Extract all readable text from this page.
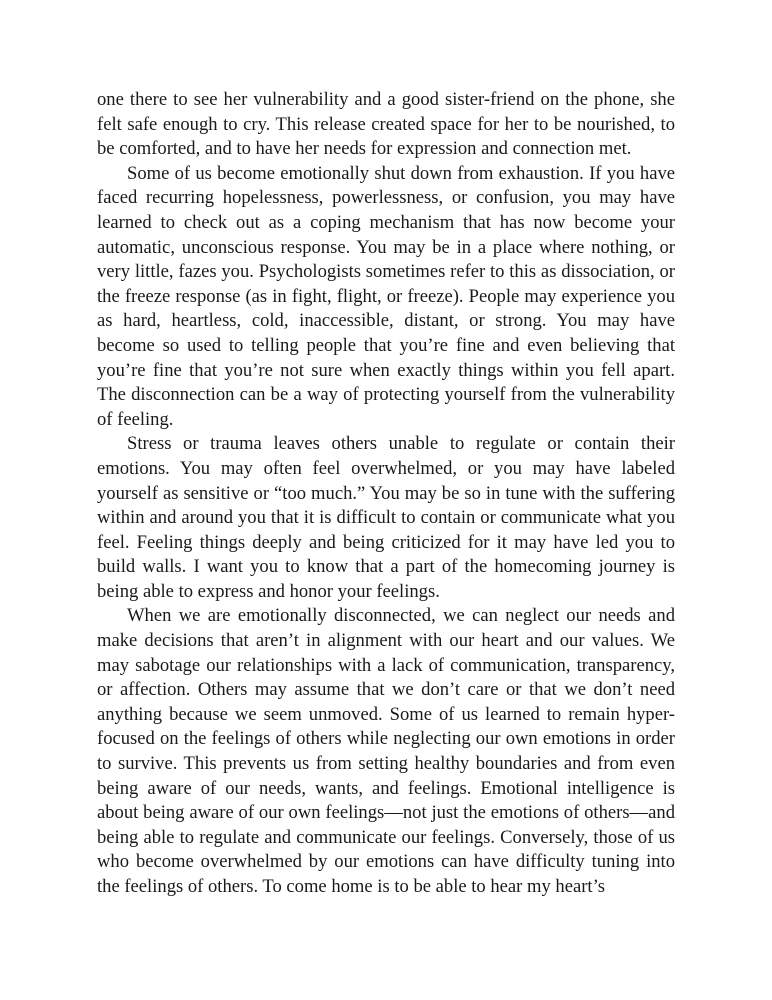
one there to see her vulnerability and a good sister-friend on the phone, she felt safe enough to cry. This release created space for her to be nourished, to be comforted, and to have her needs for expression and connection met.

Some of us become emotionally shut down from exhaustion. If you have faced recurring hopelessness, powerlessness, or confusion, you may have learned to check out as a coping mechanism that has now become your automatic, unconscious response. You may be in a place where nothing, or very little, fazes you. Psychologists sometimes refer to this as dissociation, or the freeze response (as in fight, flight, or freeze). People may experience you as hard, heartless, cold, inaccessible, distant, or strong. You may have become so used to telling people that you’re fine and even believing that you’re fine that you’re not sure when exactly things within you fell apart. The disconnection can be a way of protecting yourself from the vulnerability of feeling.

Stress or trauma leaves others unable to regulate or contain their emotions. You may often feel overwhelmed, or you may have labeled yourself as sensitive or “too much.” You may be so in tune with the suffering within and around you that it is difficult to contain or communicate what you feel. Feeling things deeply and being criticized for it may have led you to build walls. I want you to know that a part of the homecoming journey is being able to express and honor your feelings.

When we are emotionally disconnected, we can neglect our needs and make decisions that aren’t in alignment with our heart and our values. We may sabotage our relationships with a lack of communication, transparency, or affection. Others may assume that we don’t care or that we don’t need anything because we seem unmoved. Some of us learned to remain hyper-focused on the feelings of others while neglecting our own emotions in order to survive. This prevents us from setting healthy boundaries and from even being aware of our needs, wants, and feelings. Emotional intelligence is about being aware of our own feelings—not just the emotions of others—and being able to regulate and communicate our feelings. Conversely, those of us who become overwhelmed by our emotions can have difficulty tuning into the feelings of others. To come home is to be able to hear my heart’s
